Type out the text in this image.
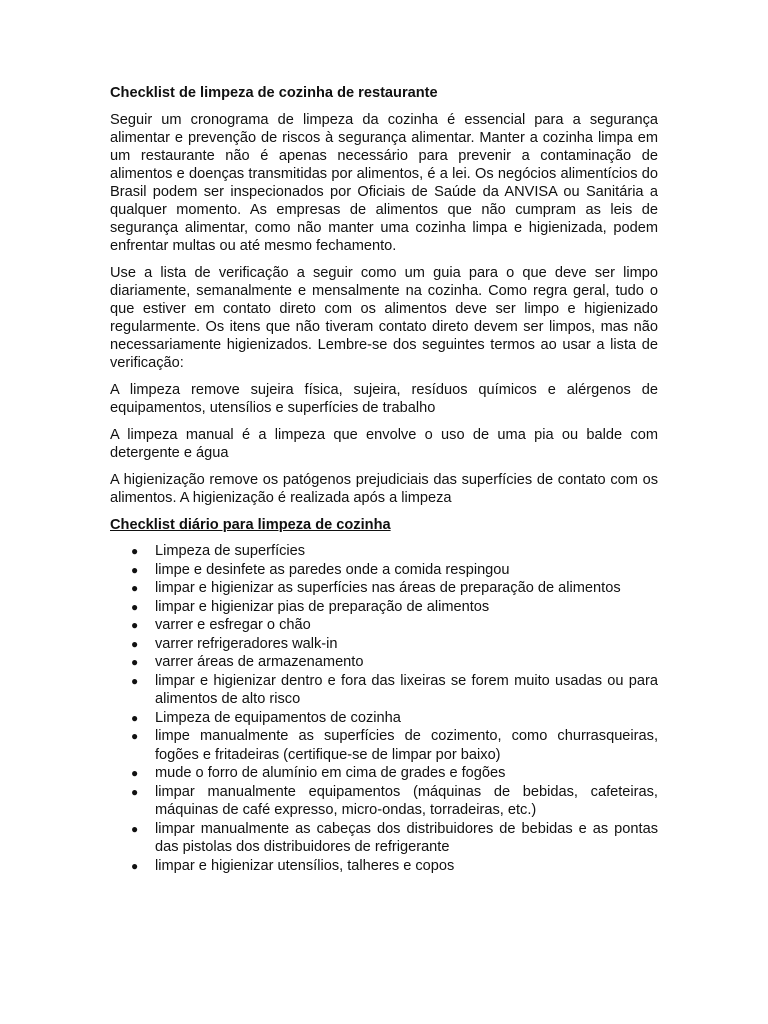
Checklist de limpeza de cozinha de restaurante

Seguir um cronograma de limpeza da cozinha é essencial para a segurança alimentar e prevenção de riscos à segurança alimentar. Manter a cozinha limpa em um restaurante não é apenas necessário para prevenir a contaminação de alimentos e doenças transmitidas por alimentos, é a lei. Os negócios alimentícios do Brasil podem ser inspecionados por Oficiais de Saúde da ANVISA ou Sanitária a qualquer momento. As empresas de alimentos que não cumpram as leis de segurança alimentar, como não manter uma cozinha limpa e higienizada, podem enfrentar multas ou até mesmo fechamento.

Use a lista de verificação a seguir como um guia para o que deve ser limpo diariamente, semanalmente e mensalmente na cozinha. Como regra geral, tudo o que estiver em contato direto com os alimentos deve ser limpo e higienizado regularmente. Os itens que não tiveram contato direto devem ser limpos, mas não necessariamente higienizados. Lembre-se dos seguintes termos ao usar a lista de verificação:

A limpeza remove sujeira física, sujeira, resíduos químicos e alérgenos de equipamentos, utensílios e superfícies de trabalho

A limpeza manual é a limpeza que envolve o uso de uma pia ou balde com detergente e água

A higienização remove os patógenos prejudiciais das superfícies de contato com os alimentos. A higienização é realizada após a limpeza

Checklist diário para limpeza de cozinha
● Limpeza de superfícies
● limpe e desinfete as paredes onde a comida respingou
● limpar e higienizar as superfícies nas áreas de preparação de alimentos
● limpar e higienizar pias de preparação de alimentos
● varrer e esfregar o chão
● varrer refrigeradores walk-in
● varrer áreas de armazenamento
● limpar e higienizar dentro e fora das lixeiras se forem muito usadas ou para alimentos de alto risco
● Limpeza de equipamentos de cozinha
● limpe manualmente as superfícies de cozimento, como churrasqueiras, fogões e fritadeiras (certifique-se de limpar por baixo)
● mude o forro de alumínio em cima de grades e fogões
● limpar manualmente equipamentos (máquinas de bebidas, cafeteiras, máquinas de café expresso, micro-ondas, torradeiras, etc.)
● limpar manualmente as cabeças dos distribuidores de bebidas e as pontas das pistolas dos distribuidores de refrigerante
● limpar e higienizar utensílios, talheres e copos
